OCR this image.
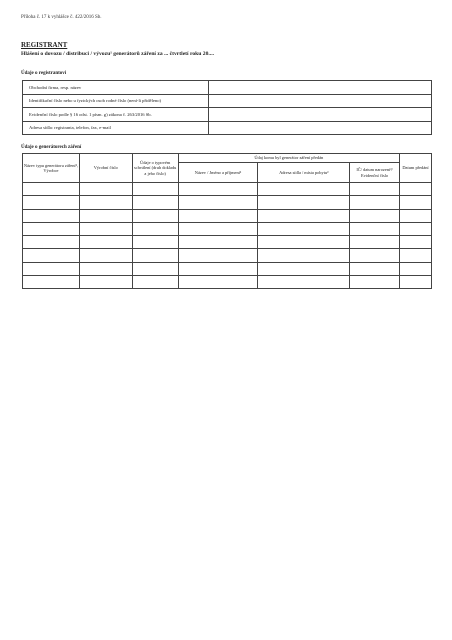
Příloha č. 17 k vyhlášce č. 422/2016 Sb.
REGISTRANT
Hlášení o dovozu / distribuci / vývozu¹ generátorů záření za ... čtvrtletí roku 20....
Údaje o registrantovi
Obchodní firma, resp. název	
Identifikační číslo nebo u fyzických osob rodné číslo (není-li přiděleno)	
Evidenční číslo podle § 16 odst. 1 písm. g) zákona č. 263/2016 Sb.	
Adresa sídla: registranta, telefon, fax, e-mail	
Údaje o generátorech záření
Název typu generátoru záření², Výrobce	Výrobní číslo	Údaje o typovém schválení (druh dokladu a jeho číslo)	Údaj komu byl generátor záření předán			Datum předání
			Název / Jméno a příjmení³	Adresa sídla / místa pobytu³	IČ/ datum narození³/ Evidenční číslo	
